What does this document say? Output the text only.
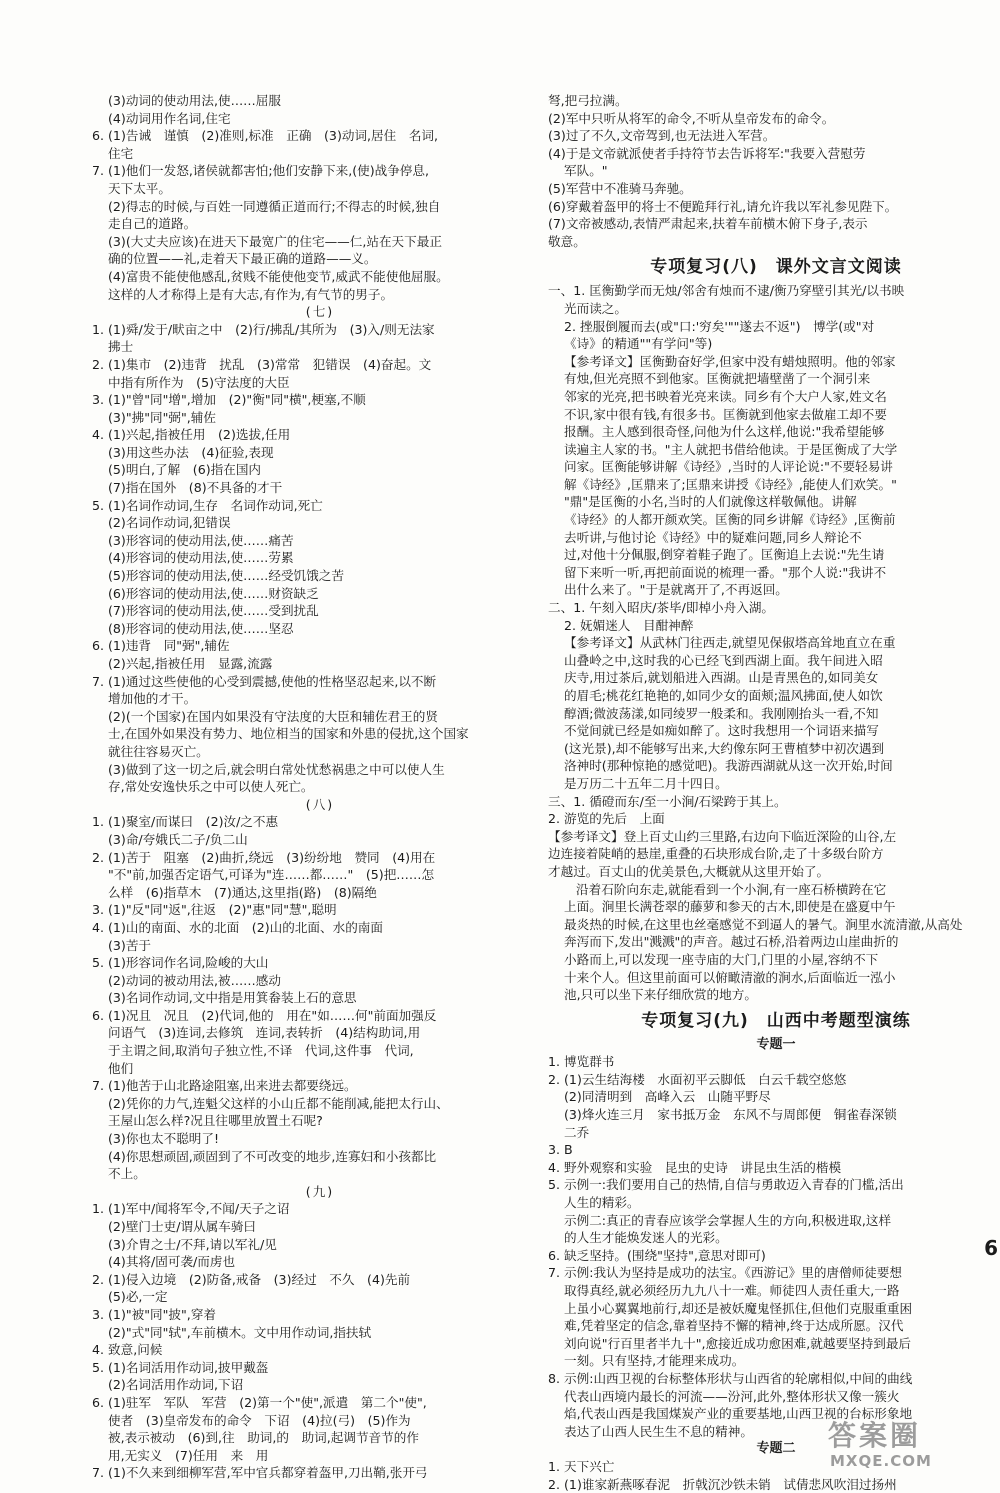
(3)动词的使动用法,使……屈服
(4)动词用作名词,住宅
6. (1)告诫　谨慎　(2)准则,标准　正确　(3)动词,居住　名词,
住宅
7. (1)他们一发怒,诸侯就都害怕;他们安静下来,(使)战争停息,
天下太平。
(2)得志的时候,与百姓一同遵循正道而行;不得志的时候,独自
走自己的道路。
(3)(大丈夫应该)在进天下最宽广的住宅——仁,站在天下最正
确的位置——礼,走着天下最正确的道路——义。
(4)富贵不能使他感乱,贫贱不能使他变节,威武不能使他屈服。
这样的人才称得上是有大志,有作为,有气节的男子。
(七)
1. (1)舜/发于/畎亩之中　(2)行/拂乱/其所为　(3)入/则无法家
拂士
2. (1)集市　(2)违背　扰乱　(3)常常　犯错误　(4)奋起。文
中指有所作为　(5)守法度的大臣
3. (1)"曾"同"增",增加　(2)"衡"同"横",梗塞,不顺
(3)"拂"同"弼",辅佐
4. (1)兴起,指被任用　(2)选拔,任用
(3)用这些办法　(4)征验,表现
(5)明白,了解　(6)指在国内
(7)指在国外　(8)不具备的才干
5. (1)名词作动词,生存　名词作动词,死亡
(2)名词作动词,犯错误
(3)形容词的使动用法,使……痛苦
(4)形容词的使动用法,使……劳累
(5)形容词的使动用法,使……经受饥饿之苦
(6)形容词的使动用法,使……财资缺乏
(7)形容词的使动用法,使……受到扰乱
(8)形容词的使动用法,使……坚忍
6. (1)违背　同"弼",辅佐
(2)兴起,指被任用　显露,流露
7. (1)通过这些使他的心受到震撼,使他的性格坚忍起来,以不断
增加他的才干。
(2)(一个国家)在国内如果没有守法度的大臣和辅佐君王的贤
士,在国外如果没有势力、地位相当的国家和外患的侵扰,这个国家
就往往容易灭亡。
(3)做到了这一切之后,就会明白常处忧愁祸患之中可以使人生
存,常处安逸快乐之中可以使人死亡。
(八)
1. (1)聚室/而谋曰　(2)汝/之不惠
(3)命/夸娥氏二子/负二山
2. (1)苦于　阻塞　(2)曲折,绕远　(3)纷纷地　赞同　(4)用在
"不"前,加强否定语气,可译为"连……都……"　(5)把……怎
么样　(6)指草木　(7)通达,这里指(路)　(8)隔绝
3. (1)"反"同"返",往返　(2)"惠"同"慧",聪明
4. (1)山的南面、水的北面　(2)山的北面、水的南面
(3)苦于
5. (1)形容词作名词,险峻的大山
(2)动词的被动用法,被……感动
(3)名词作动词,文中指是用箕畚装上石的意思
6. (1)况且　况且　(2)代词,他的　用在"如……何"前面加强反
问语气　(3)连词,去修筑　连词,表转折　(4)结构助词,用
于主谓之间,取消句子独立性,不译　代词,这件事　代词,
他们
7. (1)他苦于山北路途阻塞,出来进去都要绕远。
(2)凭你的力气,连魁父这样的小山丘都不能削减,能把太行山、
王屋山怎么样?况且往哪里放置土石呢?
(3)你也太不聪明了!
(4)你思想顽固,顽固到了不可改变的地步,连寡妇和小孩都比
不上。
(九)
1. (1)军中/闻将军令,不闻/天子之诏
(2)壁门士吏/谓从属车骑曰
(3)介胄之士/不拜,请以军礼/见
(4)其将/固可袭/而虏也
2. (1)侵入边境　(2)防备,戒备　(3)经过　不久　(4)先前
(5)必,一定
3. (1)"被"同"披",穿着
(2)"式"同"轼",车前横木。文中用作动词,指扶轼
4. 致意,问候
5. (1)名词活用作动词,披甲戴盔
(2)名词活用作动词,下诏
6. (1)驻军　军队　军营　(2)第一个"使",派遣　第二个"使",
使者　(3)皇帝发布的命令　下诏　(4)拉(弓)　(5)作为
被,表示被动　(6)到,往　助词,的　助词,起调节音节的作
用,无实义　(7)任用　来　用
7. (1)不久来到细柳军营,军中官兵都穿着盔甲,刀出鞘,张开弓
弩,把弓拉满。
(2)军中只听从将军的命令,不听从皇帝发布的命令。
(3)过了不久,文帝驾到,也无法进入军营。
(4)于是文帝就派使者手持符节去告诉将军:"我要入营慰劳
军队。"
(5)军营中不准骑马奔驰。
(6)穿戴着盔甲的将士不便跪拜行礼,请允许我以军礼参见陛下。
(7)文帝被感动,表情严肃起来,扶着车前横木俯下身子,表示
敬意。
专项复习(八)　课外文言文阅读
一、1. 匡衡勤学而无烛/邻舍有烛而不逮/衡乃穿壁引其光/以书映
光而读之。
2. 挫服倒履而去(或"口:'穷矣'""遂去不返")　博学(或"对
《诗》的精通""有学问"等)
【参考译文】匡衡勤奋好学,但家中没有蜡烛照明。他的邻家
有烛,但光亮照不到他家。匡衡就把墙壁凿了一个洞引来
邻家的光亮,把书映着光亮来读。同乡有个大户人家,姓文名
不识,家中很有钱,有很多书。匡衡就到他家去做雇工却不要
报酬。主人感到很奇怪,问他为什么这样,他说:"我希望能够
读遍主人家的书。"主人就把书借给他读。于是匡衡成了大学
问家。匡衡能够讲解《诗经》,当时的人评论说:"不要轻易讲
解《诗经》,匡鼎来了;匡鼎来讲授《诗经》,能使人们欢笑。"
"鼎"是匡衡的小名,当时的人们就像这样敬佩他。讲解
《诗经》的人都开颜欢笑。匡衡的同乡讲解《诗经》,匡衡前
去听讲,与他讨论《诗经》中的疑难问题,同乡人辩论不
过,对他十分佩服,倒穿着鞋子跑了。匡衡追上去说:"先生请
留下来听一听,再把前面说的梳理一番。"那个人说:"我讲不
出什么来了。"于是就离开了,不再返回。
二、1. 午刻入昭庆/茶毕/即棹小舟入湖。
2. 妩媚迷人　目酣神醉
【参考译文】从武林门往西走,就望见保俶塔高耸地直立在重
山叠岭之中,这时我的心已经飞到西湖上面。我午间进入昭
庆寺,用过茶后,就划船进入西湖。山是青黑色的,如同美女
的眉毛;桃花红艳艳的,如同少女的面颊;温风拂面,使人如饮
醇酒;微波荡漾,如同绫罗一般柔和。我刚刚抬头一看,不知
不觉间就已经是如痴如醉了。这时我想用一个词语来描写
(这光景),却不能够写出来,大约像东阿王曹植梦中初次遇到
洛神时(那种惊艳的感觉吧)。我游西湖就从这一次开始,时间
是万历二十五年二月十四日。
三、1. 循磴而东/至一小涧/石梁跨于其上。
2. 游览的先后　上面
【参考译文】登上百丈山约三里路,右边向下临近深险的山谷,左
边连接着陡峭的悬崖,重叠的石块形成台阶,走了十多级台阶方
才越过。百丈山的优美景色,大概就从这里开始了。
沿着石阶向东走,就能看到一个小涧,有一座石桥横跨在它
上面。涧里长满苍翠的藤萝和参天的古木,即使是在盛夏中午
最炎热的时候,在这里也丝毫感觉不到逼人的暑气。涧里水流清澈,从高处
奔泻而下,发出"溅溅"的声音。越过石桥,沿着两边山崖曲折的
小路而上,可以发现一座寺庙的大门,门里的小屋,容纳不下
十来个人。但这里前面可以俯瞰清澈的涧水,后面临近一泓小
池,只可以坐下来仔细欣赏的地方。
专项复习(九)　山西中考题型演练
专题一
1. 博览群书
2. (1)云生结海楼　水面初平云脚低　白云千载空悠悠
(2)同清明到　高峰入云　山随平野尽
(3)烽火连三月　家书抵万金　东风不与周郎便　铜雀春深锁
二乔
3. B
4. 野外观察和实验　昆虫的史诗　讲昆虫生活的楷模
5. 示例一:我们要用自己的热情,自信与勇敢迈入青春的门槛,活出
人生的精彩。
示例二:真正的青春应该学会掌握人生的方向,积极进取,这样
的人生才能焕发迷人的光彩。
6. 缺乏坚持。(围绕"坚持",意思对即可)
7. 示例:我认为坚持是成功的法宝。《西游记》里的唐僧师徒要想
取得真经,就必须经历九九八十一难。师徒四人责任重大,一路
上虽小心翼翼地前行,却还是被妖魔鬼怪抓住,但他们克服重重困
难,凭着坚定的信念,靠着坚持不懈的精神,终于达成所愿。汉代
刘向说"行百里者半九十",愈接近成功愈困难,就越要坚持到最后
一刻。只有坚持,才能理来成功。
8. 示例:山西卫视的台标整体形状与山西省的轮廓相似,中间的曲线
代表山西境内最长的河流——汾河,此外,整体形状又像一簇火
焰,代表山西是我国煤炭产业的重要基地,山西卫视的台标形象地
表达了山西人民生生不息的精神。
专题二
1. 天下兴亡
2. (1)谁家新燕啄春泥　折戟沉沙铁未销　试倩悲风吹泪过扬州
6
答案圈
MXQE.COM
